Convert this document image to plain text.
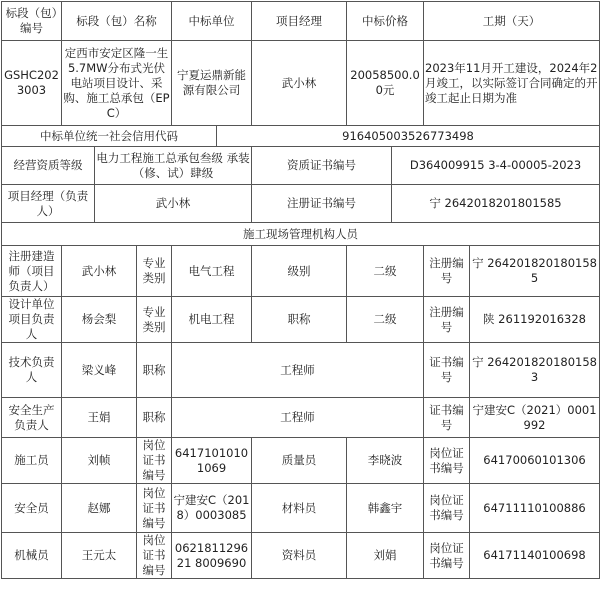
标段（包）编号	标段（包）名称			中标单位		项目经理	中标价格		工期（天）	
GSHC2023003	定西市安定区隆一生5.7MW分布式光伏电站项目设计、采购、施工总承包（EPC）			宁夏运鼎新能源有限公司		武小林	20058500.00元		2023年11月开工建设，2024年2月竣工，以实际签订合同确定的开竣工起止日期为准	
中标单位统一社会信用代码					916405003526773498					
经营资质等级		电力工程施工总承包叁级 承装（修、试）肆级				资质证书编号		D364009915 3-4-00005-2023		
项目经理（负责人）		武小林				注册证书编号		宁 2642018201801585		
施工现场管理机构人员										
注册建造师（项目负责人）	武小林		专业类别	电气工程		级别	二级		注册编号	宁 2642018201801585
设计单位项目负责人	杨会梨		专业类别	机电工程		职称	二级		注册编号	陕 261192016328
技术负责人	梁义峰		职称	工程师					证书编号	宁 2642018201801583
安全生产负责人	王娟		职称	工程师					证书编号	宁建安C（2021）0001992
施工员	刘帧		岗位证书编号	64171010101069		质量员	李晓波		岗位证书编号	64170060101306
安全员	赵娜		岗位证书编号	宁建安C（2018）0003085		材料员	韩鑫宇		岗位证书编号	64711110100886
机械员	王元太		岗位证书编号	062181129621 8009690		资料员	刘娟		岗位证书编号	64171140100698
